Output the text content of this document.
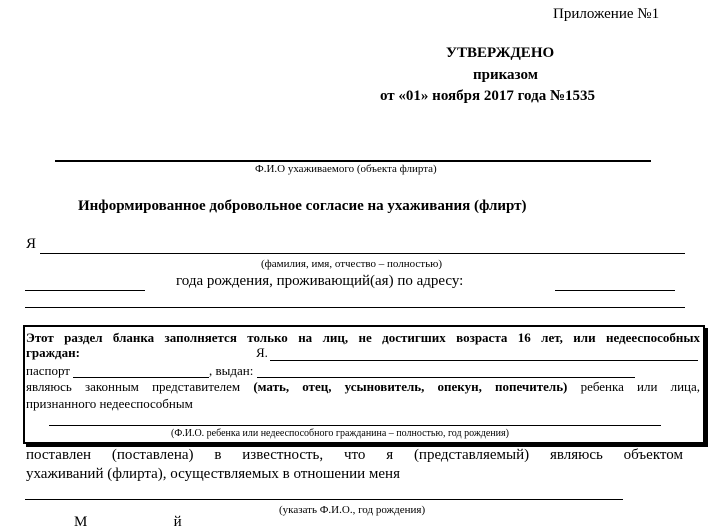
Приложение №1
УТВЕРЖДЕНО
приказом
от «01» ноября 2017 года №1535
Ф.И.О ухаживаемого (объекта флирта)
Информированное добровольное согласие на ухаживания (флирт)
Я
(фамилия, имя, отчество – полностью)
года рождения, проживающий(ая) по адресу:
Этот раздел бланка заполняется только на лиц, не достигших возраста 16 лет, или недееспособных
граждан:	Я.
паспорт	, выдан:
являюсь законным представителем (мать, отец, усыновитель, опекун, попечитель) ребенка или лица,
признанного недееспособным
(Ф.И.О. ребенка или недееспособного гражданина – полностью, год рождения)
поставлен (поставлена) в известность, что я (представляемый) являюсь объектом
ухаживаний (флирта), осуществляемых в отношении меня
(указать Ф.И.О., год рождения)
М                       й
